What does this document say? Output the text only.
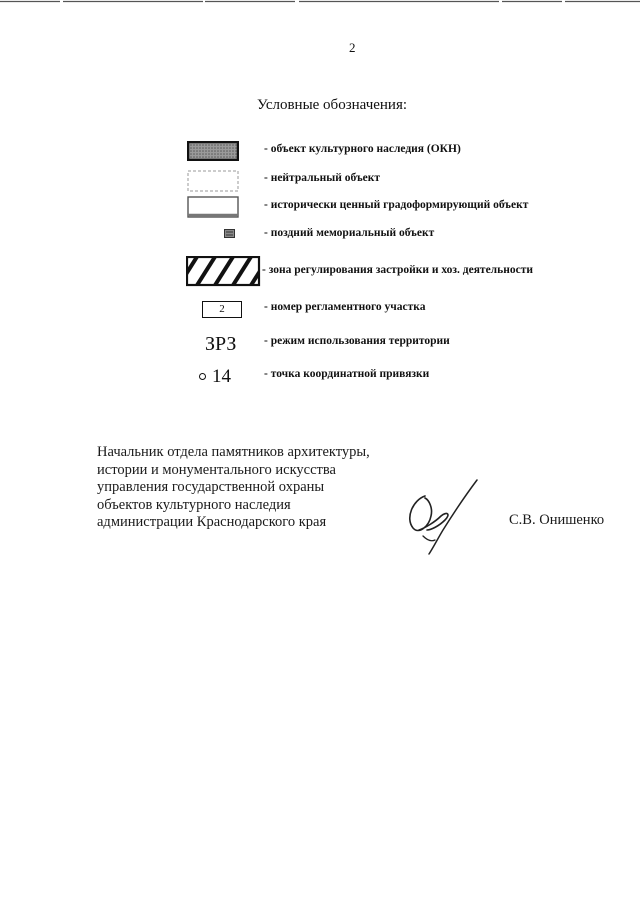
2
Условные обозначения:
- объект культурного наследия (ОКН)
- нейтральный объект
- исторически ценный градоформирующий объект
- поздний мемориальный объект
- зона регулирования застройки и хоз. деятельности
2	- номер регламентного участка
ЗРЗ - режим использования территории
14	- точка координатной привязки
Начальник отдела памятников архитектуры,
истории и монументального искусства
управления государственной охраны
объектов культурного наследия
администрации Краснодарского края	С.В. Онишенко
